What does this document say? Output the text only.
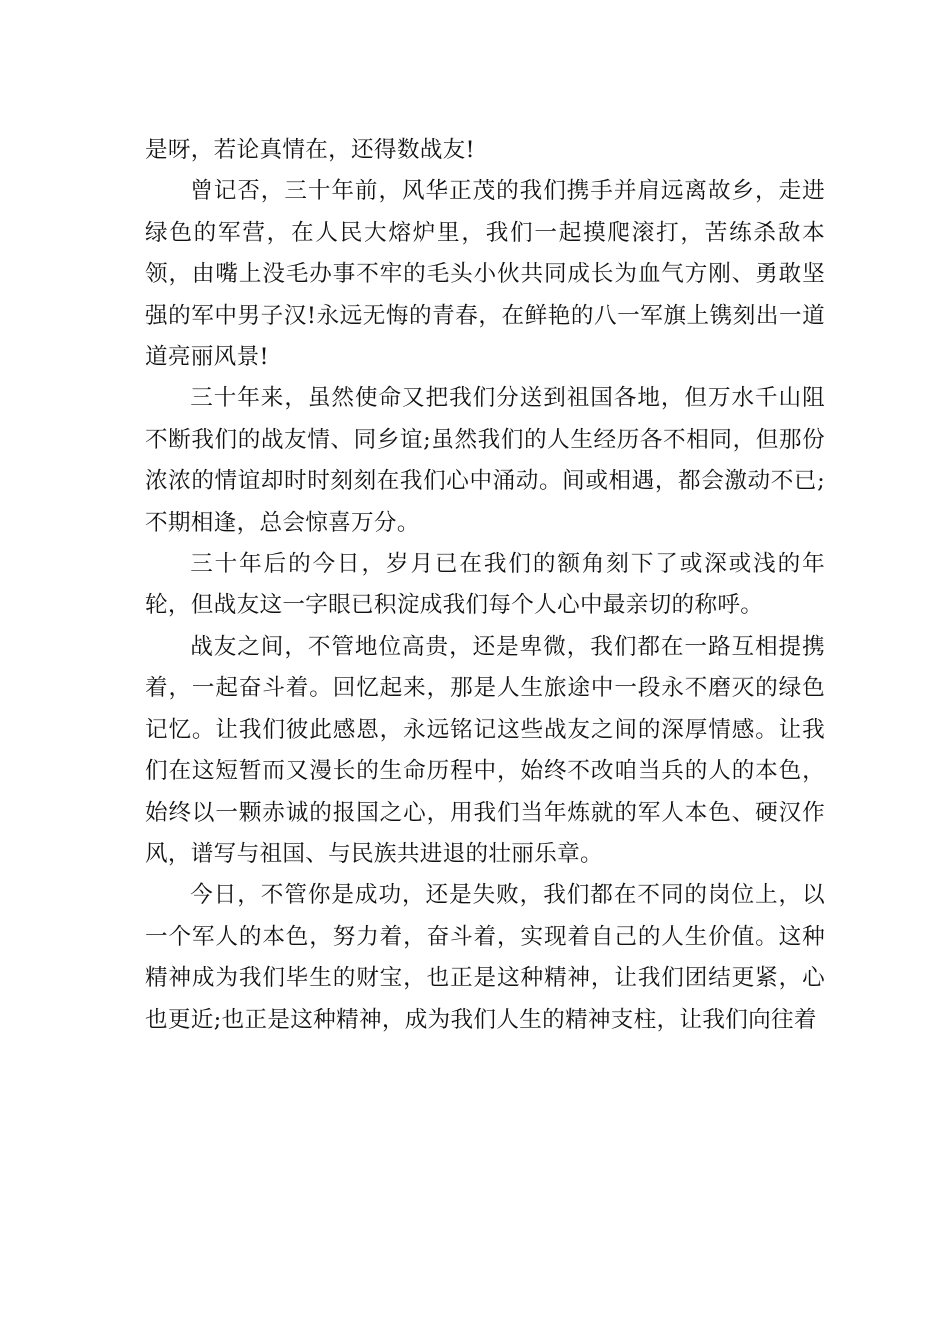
是呀，若论真情在，还得数战友!

曾记否，三十年前，风华正茂的我们携手并肩远离故乡，走进绿色的军营，在人民大熔炉里，我们一起摸爬滚打，苦练杀敌本领，由嘴上没毛办事不牢的毛头小伙共同成长为血气方刚、勇敢坚强的军中男子汉!永远无悔的青春，在鲜艳的八一军旗上镌刻出一道道亮丽风景!

三十年来，虽然使命又把我们分送到祖国各地，但万水千山阻不断我们的战友情、同乡谊;虽然我们的人生经历各不相同，但那份浓浓的情谊却时时刻刻在我们心中涌动。间或相遇，都会激动不已;不期相逢，总会惊喜万分。

三十年后的今日，岁月已在我们的额角刻下了或深或浅的年轮，但战友这一字眼已积淀成我们每个人心中最亲切的称呼。

战友之间，不管地位高贵，还是卑微，我们都在一路互相提携着，一起奋斗着。回忆起来，那是人生旅途中一段永不磨灭的绿色记忆。让我们彼此感恩，永远铭记这些战友之间的深厚情感。让我们在这短暂而又漫长的生命历程中，始终不改咱当兵的人的本色，始终以一颗赤诚的报国之心，用我们当年炼就的军人本色、硬汉作风，谱写与祖国、与民族共进退的壮丽乐章。

今日，不管你是成功，还是失败，我们都在不同的岗位上，以一个军人的本色，努力着，奋斗着，实现着自己的人生价值。这种精神成为我们毕生的财宝，也正是这种精神，让我们团结更紧，心也更近;也正是这种精神，成为我们人生的精神支柱，让我们向往着
